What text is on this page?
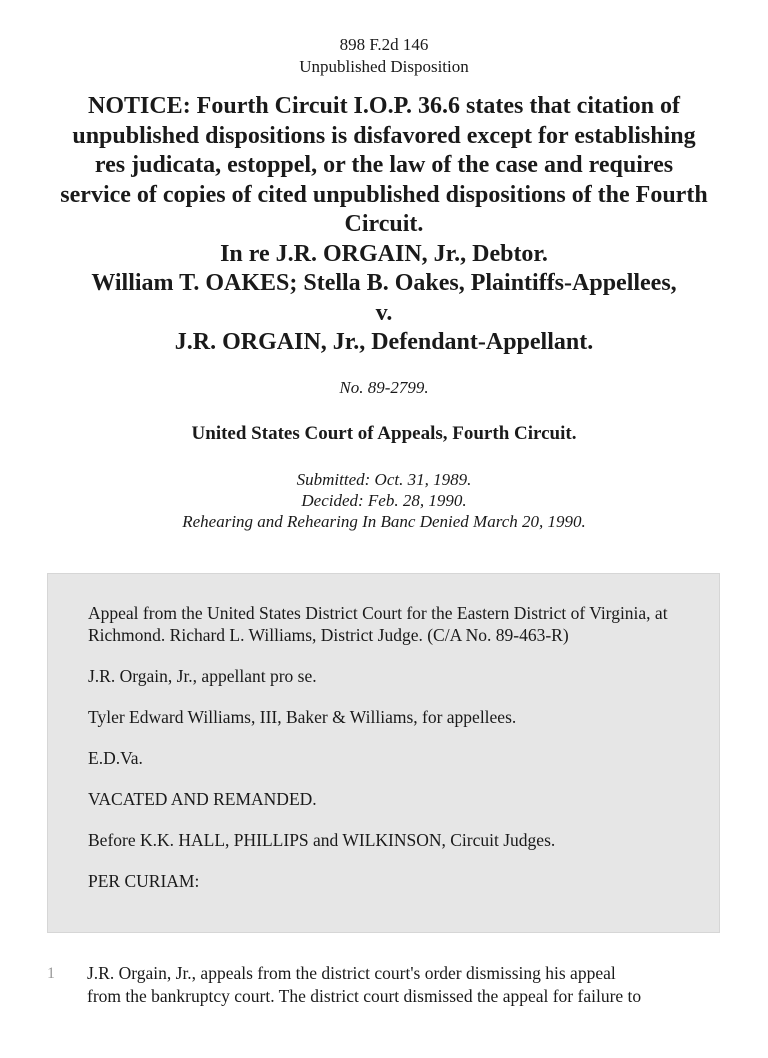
898 F.2d 146
Unpublished Disposition
NOTICE: Fourth Circuit I.O.P. 36.6 states that citation of
unpublished dispositions is disfavored except for establishing
res judicata, estoppel, or the law of the case and requires
service of copies of cited unpublished dispositions of the Fourth
Circuit.
In re J.R. ORGAIN, Jr., Debtor.
William T. OAKES; Stella B. Oakes, Plaintiffs-Appellees,
v.
J.R. ORGAIN, Jr., Defendant-Appellant.
No. 89-2799.
United States Court of Appeals, Fourth Circuit.
Submitted: Oct. 31, 1989.
Decided: Feb. 28, 1990.
Rehearing and Rehearing In Banc Denied March 20, 1990.

Appeal from the United States District Court for the Eastern District of Virginia, at Richmond. Richard L. Williams, District Judge. (C/A No. 89-463-R)

J.R. Orgain, Jr., appellant pro se.

Tyler Edward Williams, III, Baker & Williams, for appellees.

E.D.Va.

VACATED AND REMANDED.

Before K.K. HALL, PHILLIPS and WILKINSON, Circuit Judges.

PER CURIAM:

1 J.R. Orgain, Jr., appeals from the district court's order dismissing his appeal
from the bankruptcy court. The district court dismissed the appeal for failure to
